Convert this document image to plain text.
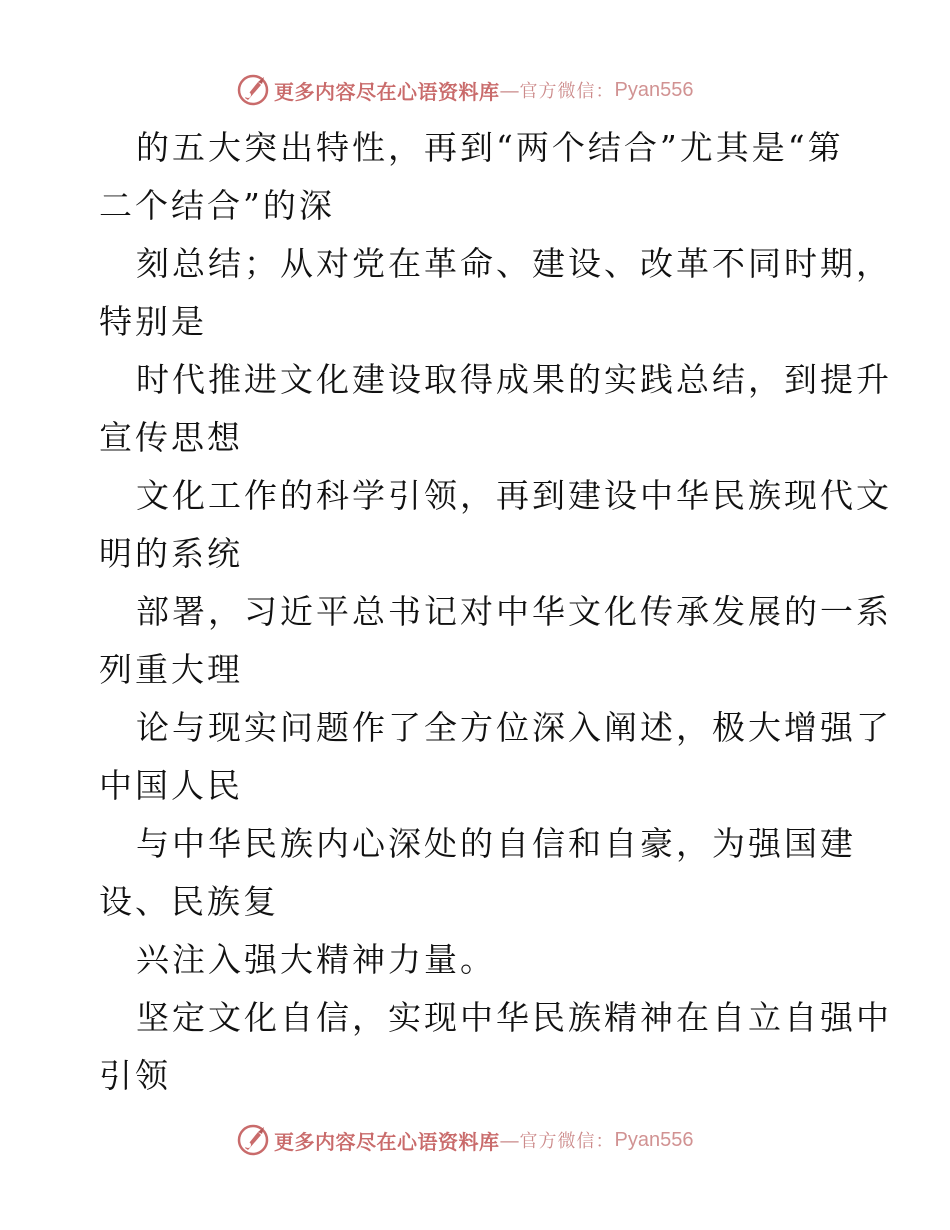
更多内容尽在心语资料库 — 官方微信： Pyan556
的五大突出特性，再到“两个结合”尤其是“第
二个结合”的深
刻总结；从对党在革命、建设、改革不同时期，
特别是
时代推进文化建设取得成果的实践总结，到提升
宣传思想
文化工作的科学引领，再到建设中华民族现代文
明的系统
部署，习近平总书记对中华文化传承发展的一系
列重大理
论与现实问题作了全方位深入阐述，极大增强了
中国人民
与中华民族内心深处的自信和自豪，为强国建
设、民族复
兴注入强大精神力量。
坚定文化自信，实现中华民族精神在自立自强中
引领
更多内容尽在心语资料库 — 官方微信： Pyan556
